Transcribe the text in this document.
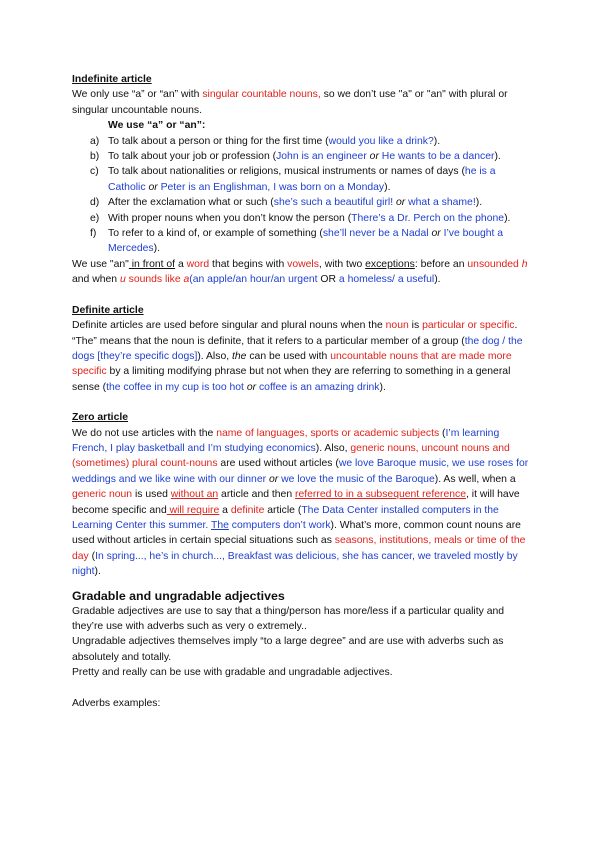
Indefinite article

We only use “a” or “an” with singular countable nouns, so we don’t use "a" or "an" with plural or singular uncountable nouns.

We use “a” or “an”:

a) To talk about a person or thing for the first time (would you like a drink?).
b) To talk about your job or profession (John is an engineer or He wants to be a dancer).
c) To talk about nationalities or religions, musical instruments or names of days (he is a Catholic or Peter is an Englishman, I was born on a Monday).
d) After the exclamation what or such (she’s such a beautiful girl! or what a shame!).
e) With proper nouns when you don’t know the person (There’s a Dr. Perch on the phone).
f) To refer to a kind of, or example of something (she’ll never be a Nadal or I’ve bought a Mercedes).

We use "an" in front of a word that begins with vowels, with two exceptions: before an unsounded h and when u sounds like a(an apple/an hour/an urgent OR a homeless/ a useful).

Definite article

Definite articles are used before singular and plural nouns when the noun is particular or specific. “The” means that the noun is definite, that it refers to a particular member of a group (the dog / the dogs [they’re specific dogs]). Also, the can be used with uncountable nouns that are made more specific by a limiting modifying phrase but not when they are referring to something in a general sense (the coffee in my cup is too hot or coffee is an amazing drink).

Zero article

We do not use articles with the name of languages, sports or academic subjects (I’m learning French, I play basketball and I’m studying economics). Also, generic nouns, uncount nouns and (sometimes) plural count-nouns are used without articles (we love Baroque music, we use roses for weddings and we like wine with our dinner or we love the music of the Baroque). As well, when a generic noun is used without an article and then referred to in a subsequent reference, it will have become specific and will require a definite article (The Data Center installed computers in the Learning Center this summer. The computers don’t work). What’s more, common count nouns are used without articles in certain special situations such as seasons, institutions, meals or time of the day (In spring..., he’s in church..., Breakfast was delicious, she has cancer, we traveled mostly by night).

Gradable and ungradable adjectives

Gradable adjectives are use to say that a thing/person has more/less if a particular quality and they’re use with adverbs such as very o extremely..

Ungradable adjectives themselves imply “to a large degree” and are use with adverbs such as absolutely and totally.

Pretty and really can be use with gradable and ungradable adjectives.

Adverbs examples:
